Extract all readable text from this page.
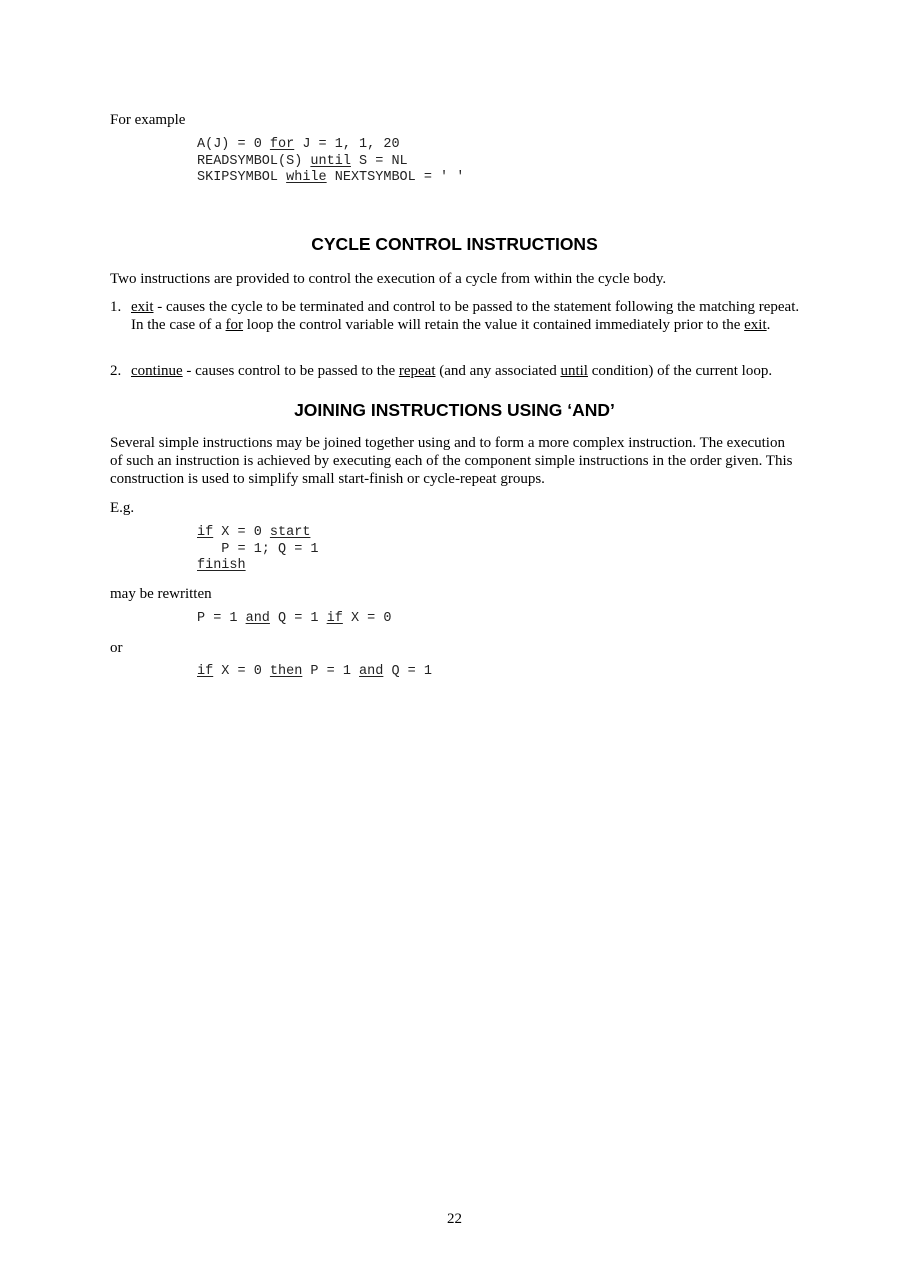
For example

A(J) = 0 for J = 1, 1, 20
READSYMBOL(S) until S = NL
SKIPSYMBOL while NEXTSYMBOL = ' '
CYCLE CONTROL INSTRUCTIONS

Two instructions are provided to control the execution of a cycle from within the cycle body.

1. exit - causes the cycle to be terminated and control to be passed to the statement following the matching repeat. In the case of a for loop the control variable will retain the value it contained immediately prior to the exit.
2. continue - causes control to be passed to the repeat (and any associated until condition) of the current loop.
JOINING INSTRUCTIONS USING ‘AND’

Several simple instructions may be joined together using and to form a more complex instruction. The execution of such an instruction is achieved by executing each of the component simple instructions in the order given. This construction is used to simplify small start-finish or cycle-repeat groups.

E.g.

if X = 0 start
P = 1; Q = 1
finish

may be rewritten

P = 1 and Q = 1 if X = 0

or

if X = 0 then P = 1 and Q = 1
22
